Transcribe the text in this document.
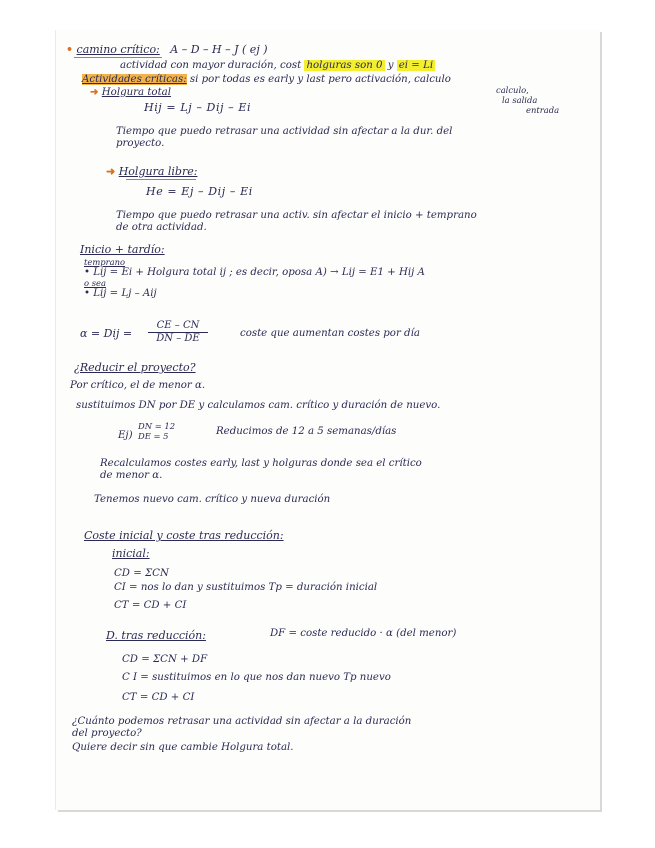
• camino crítico: A – D – H – J ( ej )
actividad con mayor duración, cost holguras son 0 y ei = Li
Actividades críticas: si por todas es early y last pero activación, calculo
calculo,
la salida
entrada
➜ Holgura total
Hij = Lj – Dij – Ei
Tiempo que puedo retrasar una actividad sin afectar a la dur. del
proyecto.
➜ Holgura libre:
He = Ej – Dij – Ei
Tiempo que puedo retrasar una activ. sin afectar el inicio + temprano
de otra actividad.
Inicio + tardío:
temprano
• Lij = Ei + Holgura total ij ; es decir, oposa A) → Lij = E1 + Hij A
o sea
• Lij = Lj – Aij
α = Dij = $\frac{CE - CN}{DN - DE}$	coste que aumentan costes por día
¿Reducir el proyecto?
Por crítico, el de menor α.
sustituimos DN por DE y calculamos cam. crítico y duración de nuevo.
Ej)
DN = 12
DE = 5	Reducimos de 12 a 5 semanas/días
Recalculamos costes early, last y holguras donde sea el crítico
de menor α.
Tenemos nuevo cam. crítico y nueva duración
Coste inicial y coste tras reducción:
inicial:
CD = ΣCN
CI = nos lo dan y sustituimos Tp = duración inicial
CT = CD + CI
D. tras reducción:	DF = coste reducido · α (del menor)
CD = ΣCN + DF
C I = sustituimos en lo que nos dan nuevo Tp nuevo
CT = CD + CI
¿Cuánto podemos retrasar una actividad sin afectar a la duración
del proyecto?
Quiere decir sin que cambie Holgura total.
